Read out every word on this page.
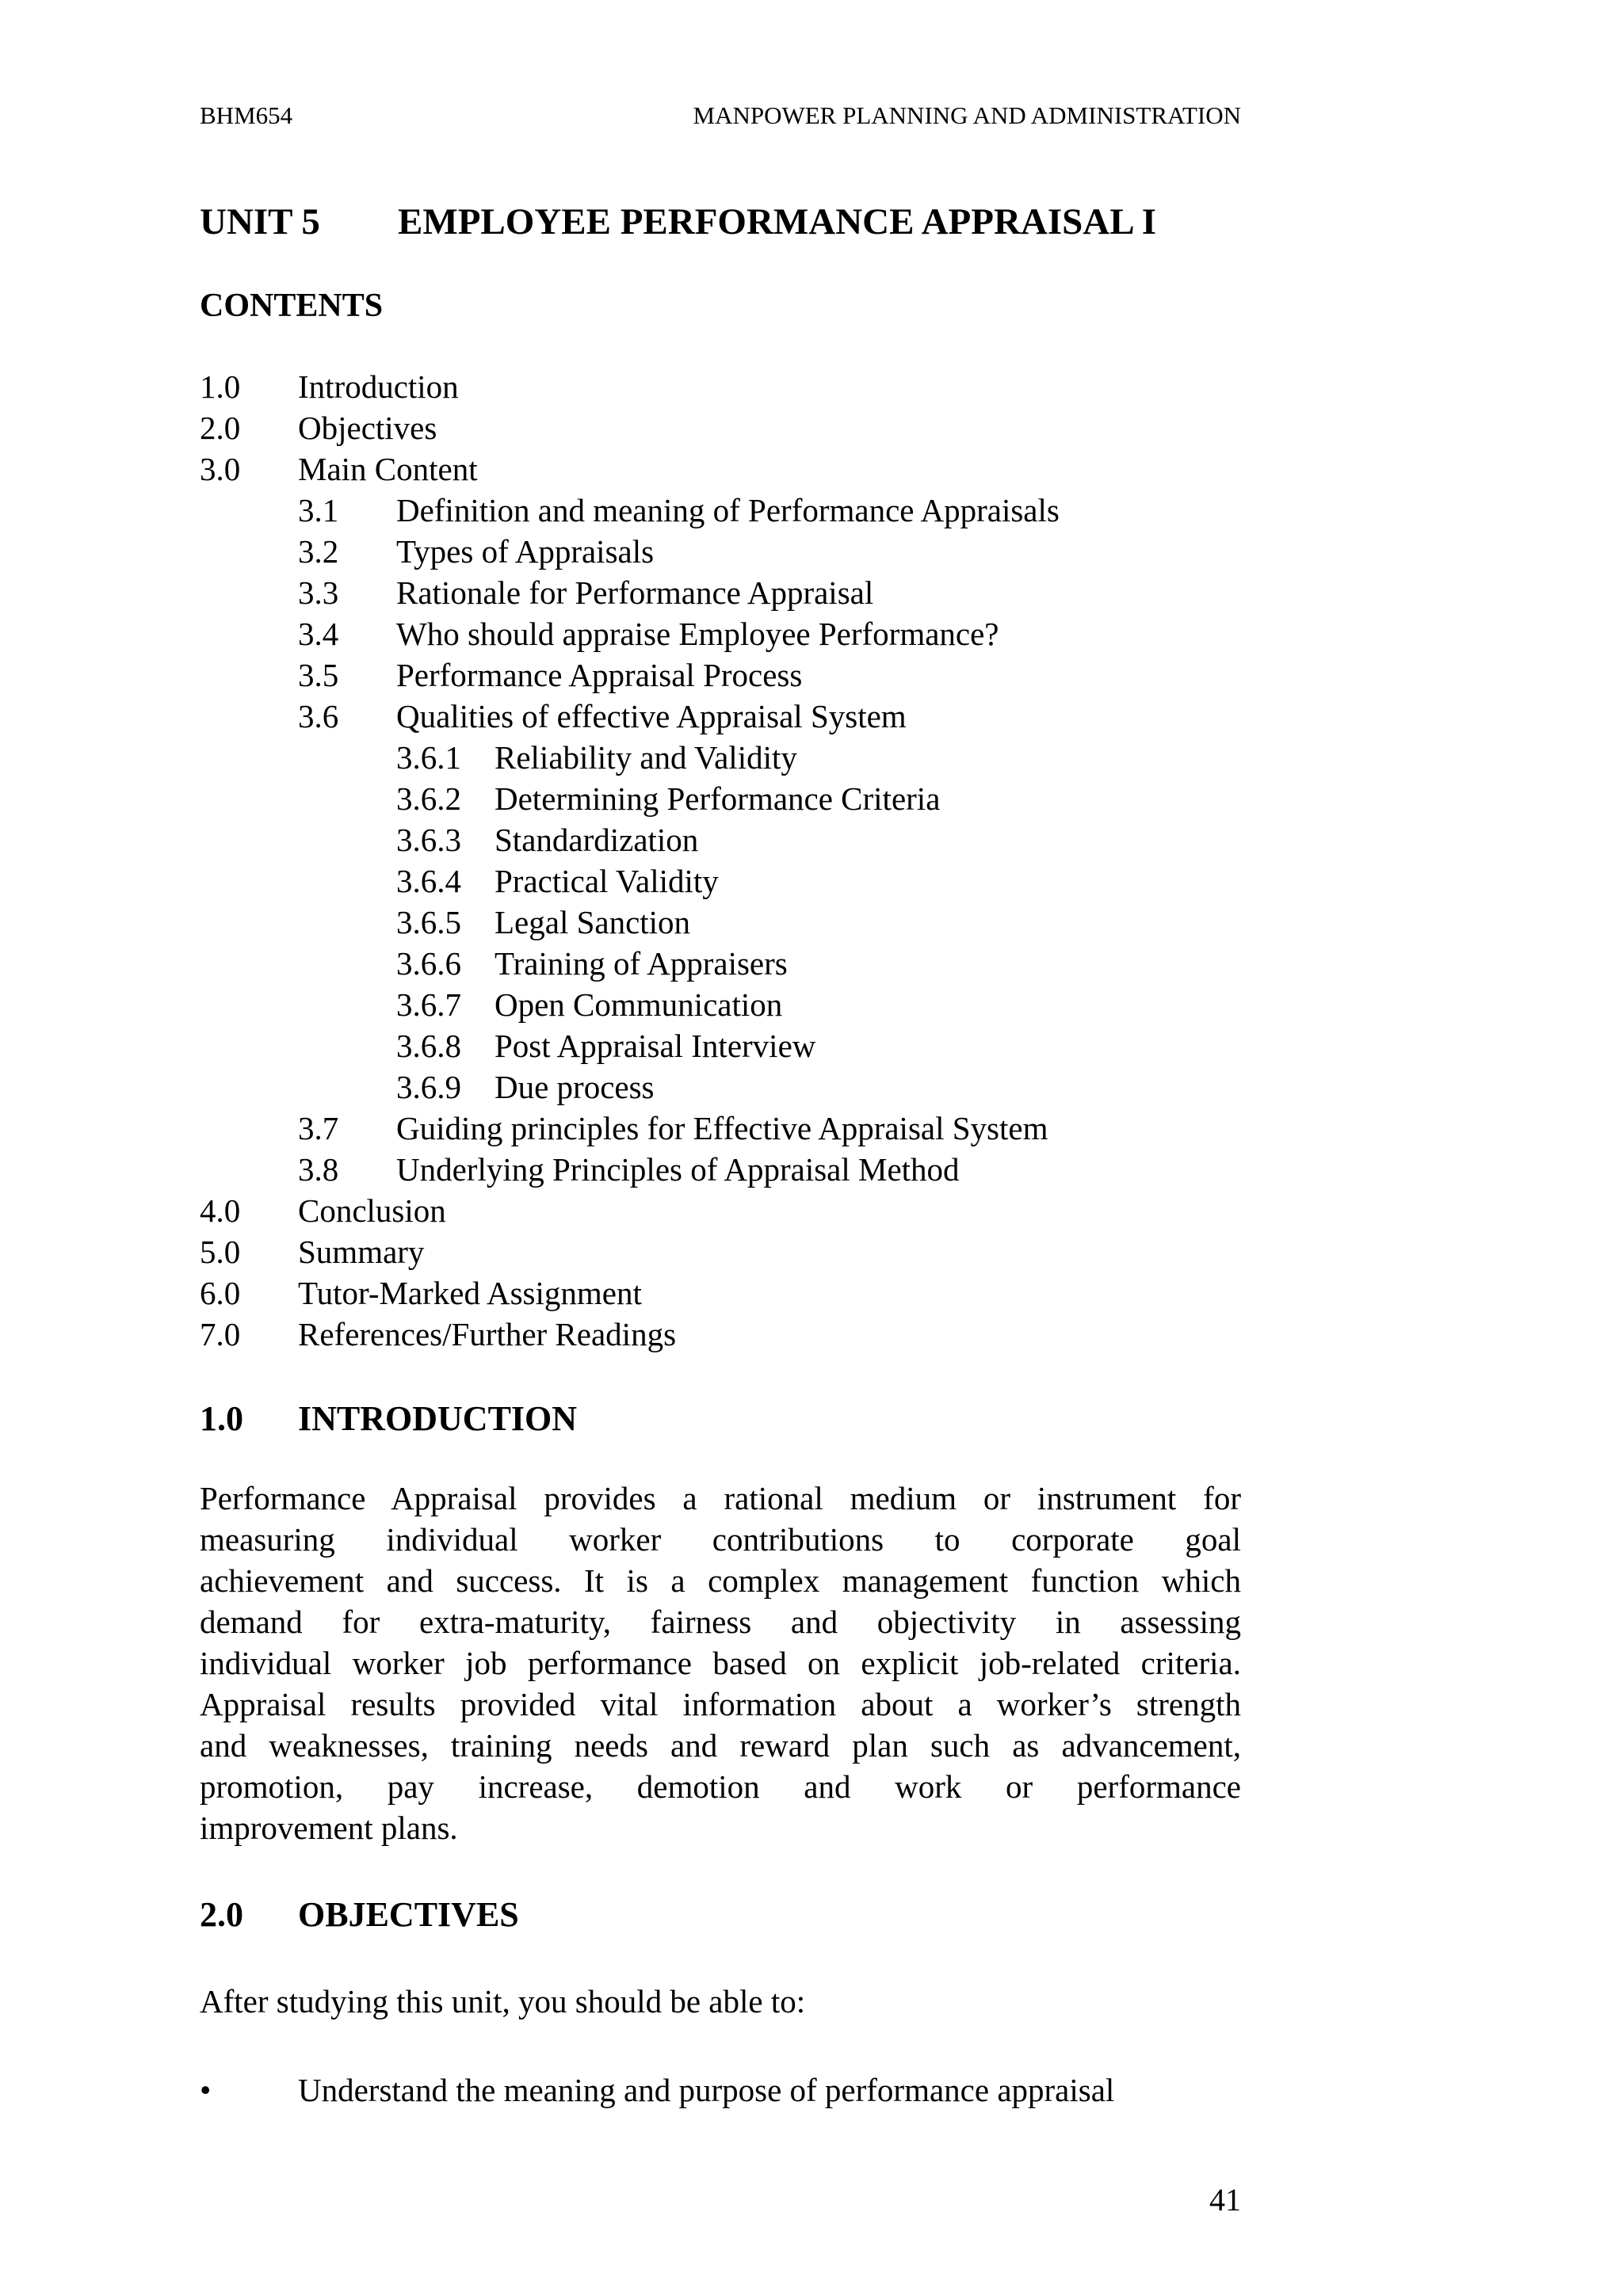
BHM654	MANPOWER PLANNING AND ADMINISTRATION
UNIT 5 EMPLOYEE PERFORMANCE APPRAISAL I
CONTENTS
1.0 Introduction
2.0 Objectives
3.0 Main Content
3.1 Definition and meaning of Performance Appraisals
3.2 Types of Appraisals
3.3 Rationale for Performance Appraisal
3.4 Who should appraise Employee Performance?
3.5 Performance Appraisal Process
3.6 Qualities of effective Appraisal System
3.6.1 Reliability and Validity
3.6.2 Determining Performance Criteria
3.6.3 Standardization
3.6.4 Practical Validity
3.6.5 Legal Sanction
3.6.6 Training of Appraisers
3.6.7 Open Communication
3.6.8 Post Appraisal Interview
3.6.9 Due process
3.7 Guiding principles for Effective Appraisal System
3.8 Underlying Principles of Appraisal Method
4.0 Conclusion
5.0 Summary
6.0 Tutor-Marked Assignment
7.0 References/Further Readings
1.0 INTRODUCTION
Performance Appraisal provides a rational medium or instrument for
measuring individual worker contributions to corporate goal
achievement and success. It is a complex management function which
demand for extra-maturity, fairness and objectivity in assessing
individual worker job performance based on explicit job-related criteria.
Appraisal results provided vital information about a worker’s strength
and weaknesses, training needs and reward plan such as advancement,
promotion, pay increase, demotion and work or performance
improvement plans.
2.0 OBJECTIVES
After studying this unit, you should be able to:
•	Understand the meaning and purpose of performance appraisal
41
